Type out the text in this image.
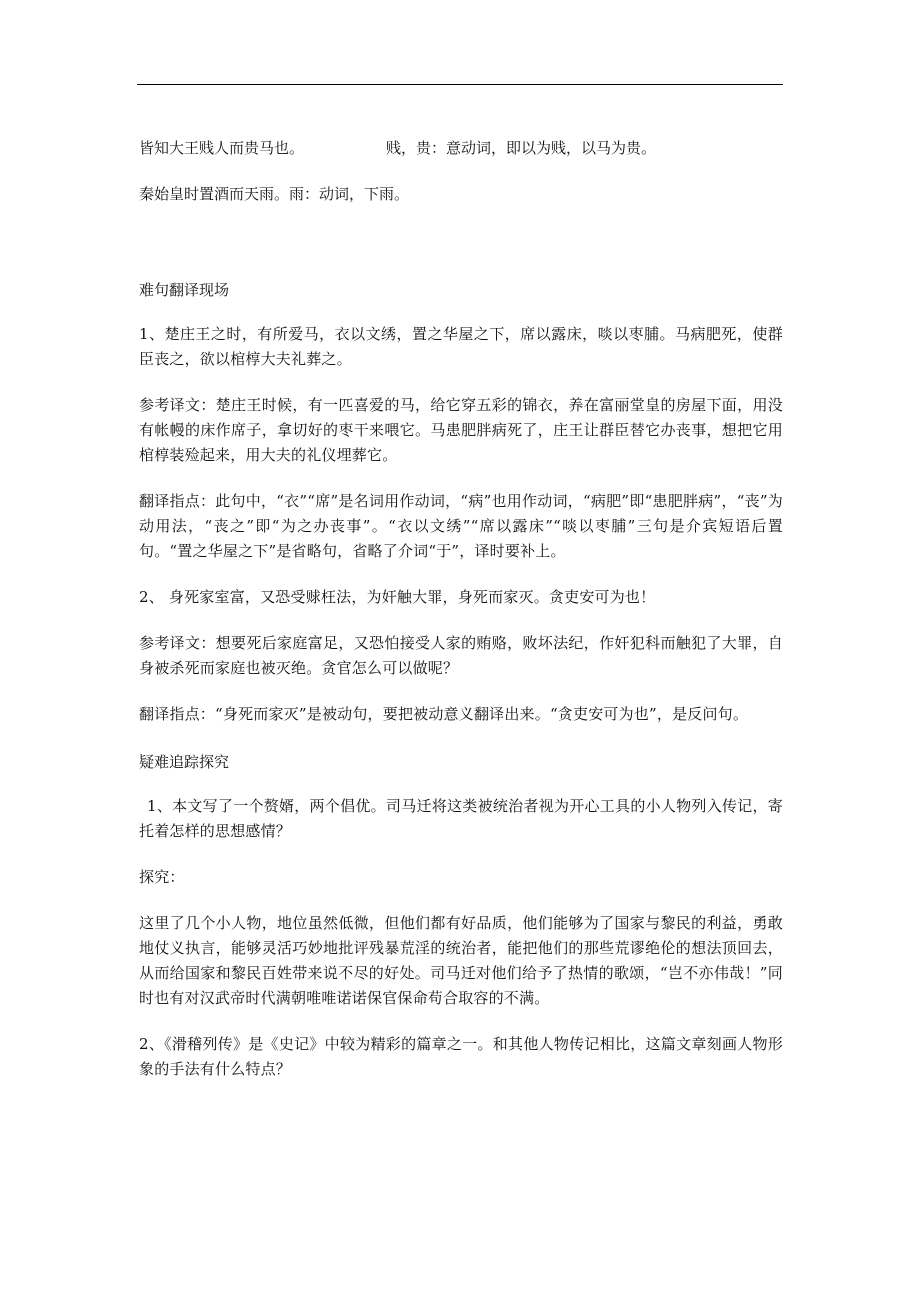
皆知大王贱人而贵马也。	贱，贵：意动词，即以为贱，以马为贵。

秦始皇时置酒而天雨。雨：动词，下雨。

难句翻译现场

1、楚庄王之时，有所爱马，衣以文绣，置之华屋之下，席以露床，啖以枣脯。马病肥死，使群臣丧之，欲以棺椁大夫礼葬之。

参考译文：楚庄王时候，有一匹喜爱的马，给它穿五彩的锦衣，养在富丽堂皇的房屋下面，用没有帐幔的床作席子，拿切好的枣干来喂它。马患肥胖病死了，庄王让群臣替它办丧事，想把它用棺椁装殓起来，用大夫的礼仪埋葬它。

翻译指点：此句中，“衣”“席”是名词用作动词，“病”也用作动词，“病肥”即“患肥胖病”，“丧”为动用法，“丧之”即“为之办丧事”。“衣以文绣”“席以露床”“啖以枣脯”三句是介宾短语后置句。“置之华屋之下”是省略句，省略了介词“于”，译时要补上。

2、 身死家室富，又恐受赇枉法，为奸触大罪，身死而家灭。贪吏安可为也！

参考译文：想要死后家庭富足，又恐怕接受人家的贿赂，败坏法纪，作奸犯科而触犯了大罪，自身被杀死而家庭也被灭绝。贪官怎么可以做呢？

翻译指点：“身死而家灭”是被动句，要把被动意义翻译出来。“贪吏安可为也”，是反问句。

疑难追踪探究

1、本文写了一个赘婿，两个倡优。司马迁将这类被统治者视为开心工具的小人物列入传记，寄托着怎样的思想感情？

探究：

这里了几个小人物，地位虽然低微，但他们都有好品质，他们能够为了国家与黎民的利益，勇敢地仗义执言，能够灵活巧妙地批评残暴荒淫的统治者，能把他们的那些荒谬绝伦的想法顶回去，从而给国家和黎民百姓带来说不尽的好处。司马迁对他们给予了热情的歌颂，“岂不亦伟哉！”同时也有对汉武帝时代满朝唯唯诺诺保官保命苟合取容的不满。

2、《滑稽列传》是《史记》中较为精彩的篇章之一。和其他人物传记相比，这篇文章刻画人物形象的手法有什么特点？
